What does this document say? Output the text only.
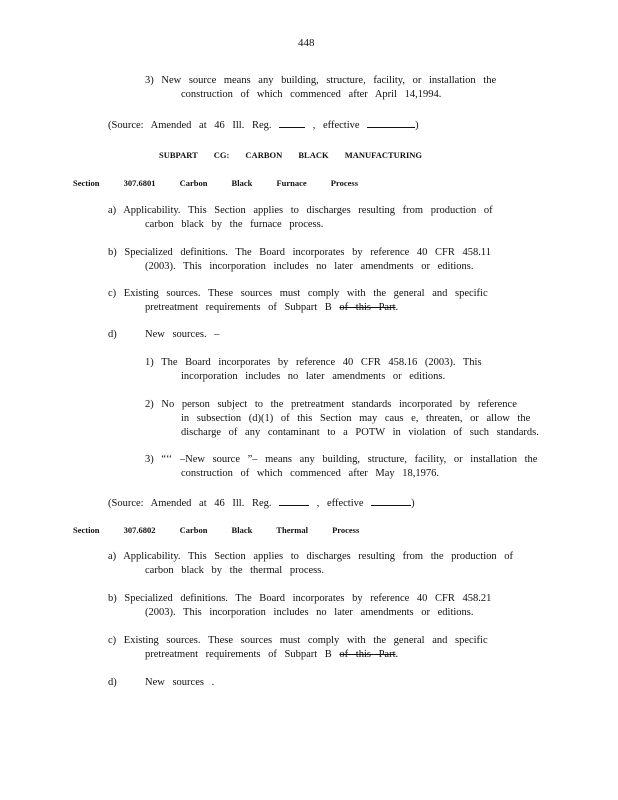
448
3) New source means any building, structure, facility, or installation the
construction of which commenced after April 14,1994.
(Source: Amended at 46 Ill. Reg.	, effective	)
SUBPART CG: CARBON BLACK MANUFACTURING
Section 307.6801 Carbon Black Furnace Process
a) Applicability. This Section applies to discharges resulting from production of
carbon black by the furnace process.
b) Specialized definitions. The Board incorporates by reference 40 CFR 458.11
(2003). This incorporation includes no later amendments or editions.
c) Existing sources. These sources must comply with the general and specific
pretreatment requirements of Subpart B of this Part.
d)	New sources. –
1) The Board incorporates by reference 40 CFR 458.16 (2003). This
incorporation includes no later amendments or editions.
2) No person subject to the pretreatment standards incorporated by reference
in subsection (d)(1) of this Section may caus e, threaten, or allow the
discharge of any contaminant to a POTW in violation of such standards.
3) “‘‘ –New source ”– means any building, structure, facility, or installation the
construction of which commenced after May 18,1976.
(Source: Amended at 46 Ill. Reg.	, effective	)
Section 307.6802 Carbon Black Thermal Process
a) Applicability. This Section applies to discharges resulting from the production of
carbon black by the thermal process.
b) Specialized definitions. The Board incorporates by reference 40 CFR 458.21
(2003). This incorporation includes no later amendments or editions.
c) Existing sources. These sources must comply with the general and specific
pretreatment requirements of Subpart B of this Part.
d)	New sources .
